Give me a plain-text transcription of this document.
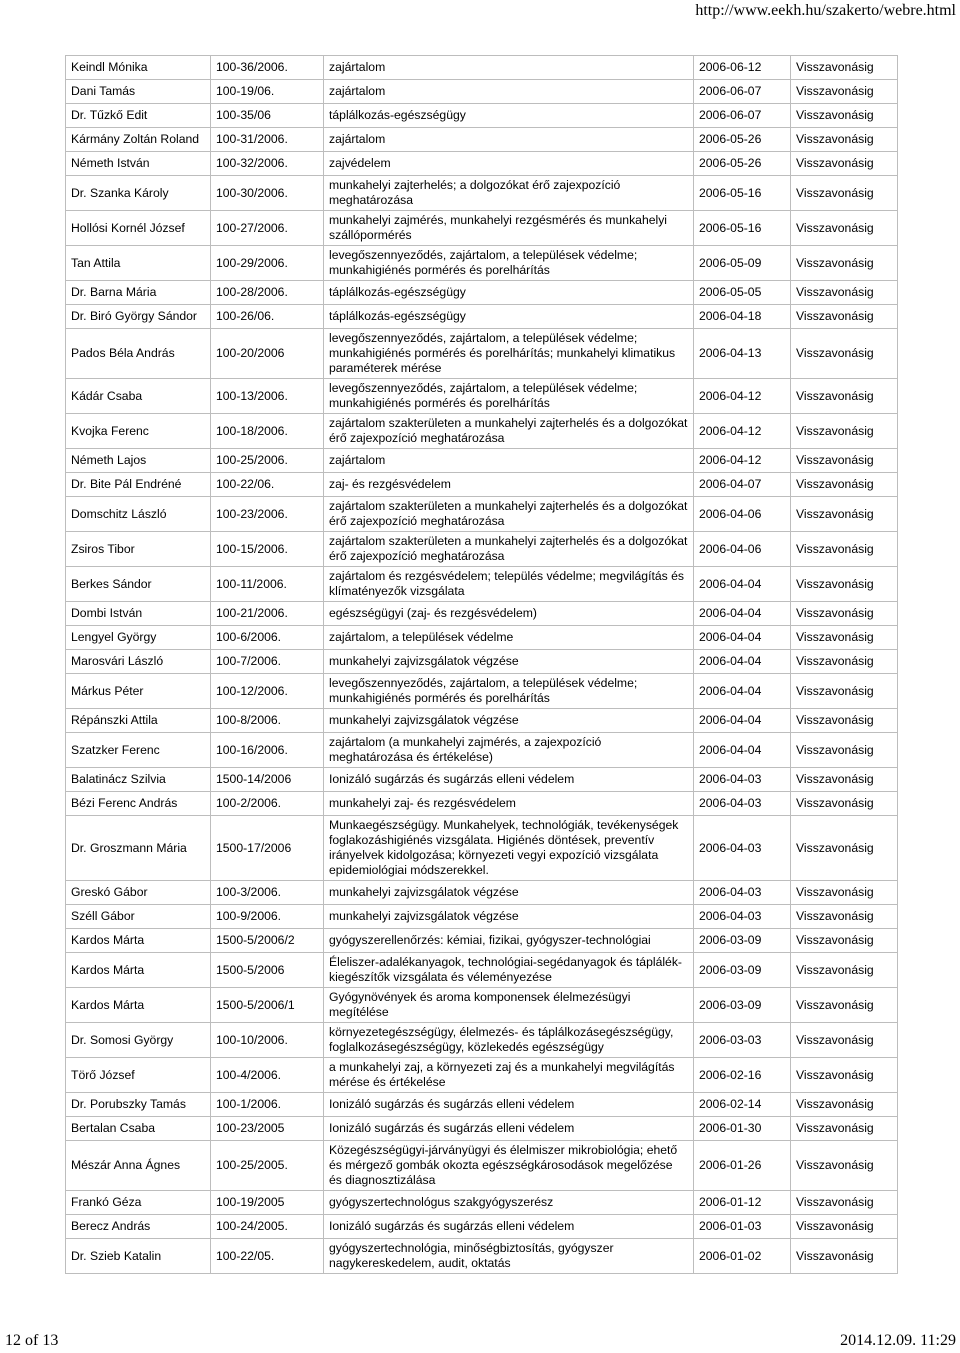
http://www.eekh.hu/szakerto/webre.html
Keindl Mónika	100-36/2006.	zajártalom	2006-06-12	Visszavonásig
Dani Tamás	100-19/06.	zajártalom	2006-06-07	Visszavonásig
Dr. Tűzkő Edit	100-35/06	táplálkozás-egészségügy	2006-06-07	Visszavonásig
Kármány Zoltán Roland	100-31/2006.	zajártalom	2006-05-26	Visszavonásig
Németh István	100-32/2006.	zajvédelem	2006-05-26	Visszavonásig
Dr. Szanka Károly	100-30/2006.	munkahelyi zajterhelés; a dolgozókat érő zajexpozíció meghatározása	2006-05-16	Visszavonásig
Hollósi Kornél József	100-27/2006.	munkahelyi zajmérés, munkahelyi rezgésmérés és munkahelyi szállópormérés	2006-05-16	Visszavonásig
Tan Attila	100-29/2006.	levegőszennyeződés, zajártalom, a települések védelme; munkahigiénés pormérés és porelhárítás	2006-05-09	Visszavonásig
Dr. Barna Mária	100-28/2006.	táplálkozás-egészségügy	2006-05-05	Visszavonásig
Dr. Biró György Sándor	100-26/06.	táplálkozás-egészségügy	2006-04-18	Visszavonásig
Pados Béla András	100-20/2006	levegőszennyeződés, zajártalom, a települések védelme; munkahigiénés pormérés és porelhárítás; munkahelyi klimatikus paraméterek mérése	2006-04-13	Visszavonásig
Kádár Csaba	100-13/2006.	levegőszennyeződés, zajártalom, a települések védelme; munkahigiénés pormérés és porelhárítás	2006-04-12	Visszavonásig
Kvojka Ferenc	100-18/2006.	zajártalom szakterületen a munkahelyi zajterhelés és a dolgozókat érő zajexpozíció meghatározása	2006-04-12	Visszavonásig
Németh Lajos	100-25/2006.	zajártalom	2006-04-12	Visszavonásig
Dr. Bite Pál Endréné	100-22/06.	zaj- és rezgésvédelem	2006-04-07	Visszavonásig
Domschitz László	100-23/2006.	zajártalom szakterületen a munkahelyi zajterhelés és a dolgozókat érő zajexpozíció meghatározása	2006-04-06	Visszavonásig
Zsiros Tibor	100-15/2006.	zajártalom szakterületen a munkahelyi zajterhelés és a dolgozókat érő zajexpozíció meghatározása	2006-04-06	Visszavonásig
Berkes Sándor	100-11/2006.	zajártalom és rezgésvédelem; település védelme; megvilágítás és klímatényezők vizsgálata	2006-04-04	Visszavonásig
Dombi István	100-21/2006.	egészségügyi (zaj- és rezgésvédelem)	2006-04-04	Visszavonásig
Lengyel György	100-6/2006.	zajártalom, a települések védelme	2006-04-04	Visszavonásig
Marosvári László	100-7/2006.	munkahelyi zajvizsgálatok végzése	2006-04-04	Visszavonásig
Márkus Péter	100-12/2006.	levegőszennyeződés, zajártalom, a települések védelme; munkahigiénés pormérés és porelhárítás	2006-04-04	Visszavonásig
Répánszki Attila	100-8/2006.	munkahelyi zajvizsgálatok végzése	2006-04-04	Visszavonásig
Szatzker Ferenc	100-16/2006.	zajártalom (a munkahelyi zajmérés, a zajexpozíció meghatározása és értékelése)	2006-04-04	Visszavonásig
Balatinácz Szilvia	1500-14/2006	Ionizáló sugárzás és sugárzás elleni védelem	2006-04-03	Visszavonásig
Bézi Ferenc András	100-2/2006.	munkahelyi zaj- és rezgésvédelem	2006-04-03	Visszavonásig
Dr. Groszmann Mária	1500-17/2006	Munkaegészségügy. Munkahelyek, technológiák, tevékenységek foglakozáshigiénés vizsgálata. Higiénés döntések, preventív irányelvek kidolgozása; környezeti vegyi expozíció vizsgálata epidemiológiai módszerekkel.	2006-04-03	Visszavonásig
Greskó Gábor	100-3/2006.	munkahelyi zajvizsgálatok végzése	2006-04-03	Visszavonásig
Széll Gábor	100-9/2006.	munkahelyi zajvizsgálatok végzése	2006-04-03	Visszavonásig
Kardos Márta	1500-5/2006/2	gyógyszerellenőrzés: kémiai, fizikai, gyógyszer-technológiai	2006-03-09	Visszavonásig
Kardos Márta	1500-5/2006	Éleliszer-adalékanyagok, technológiai-segédanyagok és táplálék-kiegészítők vizsgálata és véleményezése	2006-03-09	Visszavonásig
Kardos Márta	1500-5/2006/1	Gyógynövények és aroma komponensek élelmezésügyi megítélése	2006-03-09	Visszavonásig
Dr. Somosi György	100-10/2006.	környezetegészségügy, élelmezés- és táplálkozásegészségügy, foglalkozásegészségügy, közlekedés egészségügy	2006-03-03	Visszavonásig
Törő József	100-4/2006.	a munkahelyi zaj, a környezeti zaj és a munkahelyi megvilágítás mérése és értékelése	2006-02-16	Visszavonásig
Dr. Porubszky Tamás	100-1/2006.	Ionizáló sugárzás és sugárzás elleni védelem	2006-02-14	Visszavonásig
Bertalan Csaba	100-23/2005	Ionizáló sugárzás és sugárzás elleni védelem	2006-01-30	Visszavonásig
Mészár Anna Ágnes	100-25/2005.	Közegészségügyi-járványügyi és élelmiszer mikrobiológia; ehető és mérgező gombák okozta egészségkárosodások megelőzése és diagnosztizálása	2006-01-26	Visszavonásig
Frankó Géza	100-19/2005	gyógyszertechnológus szakgyógyszerész	2006-01-12	Visszavonásig
Berecz András	100-24/2005.	Ionizáló sugárzás és sugárzás elleni védelem	2006-01-03	Visszavonásig
Dr. Szieb Katalin	100-22/05.	gyógyszertechnológia, minőségbiztosítás, gyógyszer nagykereskedelem, audit, oktatás	2006-01-02	Visszavonásig
12 of 13	2014.12.09. 11:29
